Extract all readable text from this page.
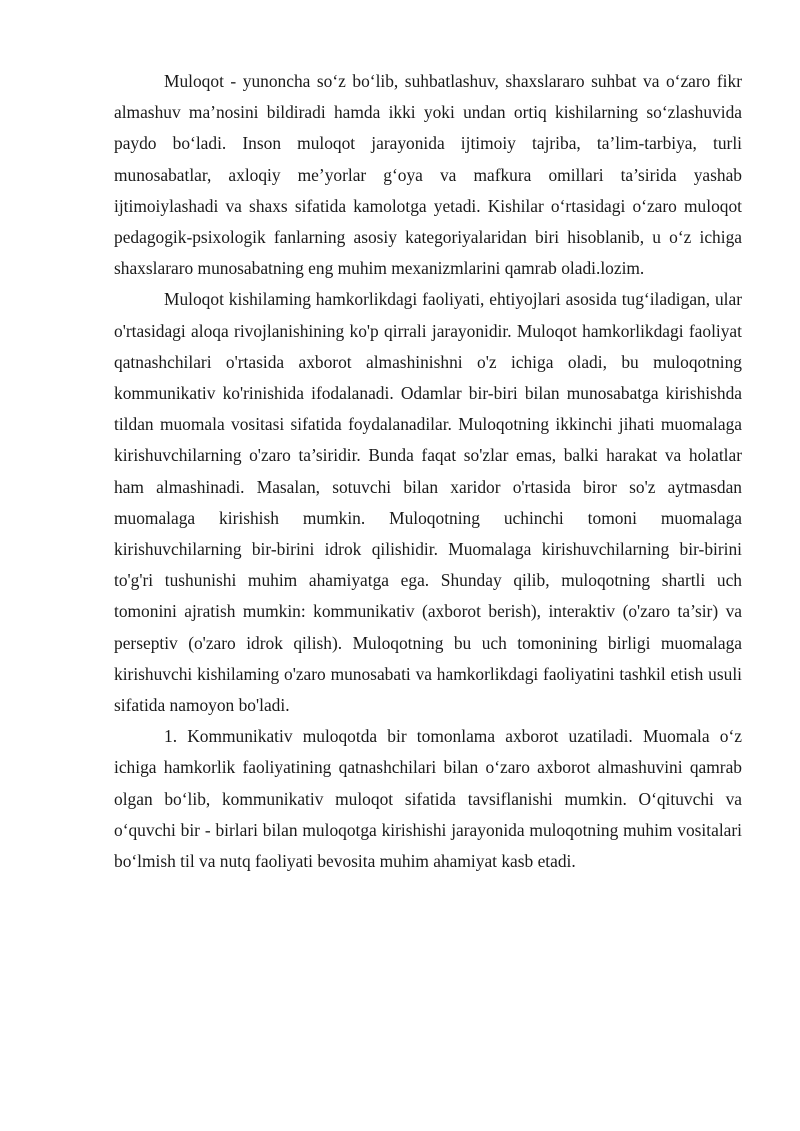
Muloqot - yunoncha so‘z bo‘lib, suhbatlashuv, shaxslararo suhbat va o‘zaro fikr almashuv ma’nosini bildiradi hamda ikki yoki undan ortiq kishilarning so‘zlashuvida paydo bo‘ladi. Inson muloqot jarayonida ijtimoiy tajriba, ta’lim-tarbiya, turli munosabatlar, axloqiy me’yorlar g‘oya va mafkura omillari ta’sirida yashab ijtimoiylashadi va shaxs sifatida kamolotga yetadi. Kishilar o‘rtasidagi o‘zaro muloqot pedagogik-psixologik fanlarning asosiy kategoriyalaridan biri hisoblanib, u o‘z ichiga shaxslararo munosabatning eng muhim mexanizmlarini qamrab oladi.lozim.

Muloqot kishilaming hamkorlikdagi faoliyati, ehtiyojlari asosida tug‘iladigan, ular o'rtasidagi aloqa rivojlanishining ko'p qirrali jarayonidir. Muloqot hamkorlikdagi faoliyat qatnashchilari o'rtasida axborot almashinishni o'z ichiga oladi, bu muloqotning kommunikativ ko'rinishida ifodalanadi. Odamlar bir-biri bilan munosabatga kirishishda tildan muomala vositasi sifatida foydalanadilar. Muloqotning ikkinchi jihati muomalaga kirishuvchilarning o'zaro ta’siridir. Bunda faqat so'zlar emas, balki harakat va holatlar ham almashinadi. Masalan, sotuvchi bilan xaridor o'rtasida biror so'z aytmasdan muomalaga kirishish mumkin. Muloqotning uchinchi tomoni muomalaga kirishuvchilarning bir-birini idrok qilishidir. Muomalaga kirishuvchilarning bir-birini to'g'ri tushunishi muhim ahamiyatga ega. Shunday qilib, muloqotning shartli uch tomonini ajratish mumkin: kommunikativ (axborot berish), interaktiv (o'zaro ta’sir) va perseptiv (o'zaro idrok qilish). Muloqotning bu uch tomonining birligi muomalaga kirishuvchi kishilaming o'zaro munosabati va hamkorlikdagi faoliyatini tashkil etish usuli sifatida namoyon bo'ladi.

1. Kommunikativ muloqotda bir tomonlama axborot uzatiladi. Muomala o‘z ichiga hamkorlik faoliyatining qatnashchilari bilan o‘zaro axborot almashuvini qamrab olgan bo‘lib, kommunikativ muloqot sifatida tavsiflanishi mumkin. O‘qituvchi va o‘quvchi bir - birlari bilan muloqotga kirishishi jarayonida muloqotning muhim vositalari bo‘lmish til va nutq faoliyati bevosita muhim ahamiyat kasb etadi.
